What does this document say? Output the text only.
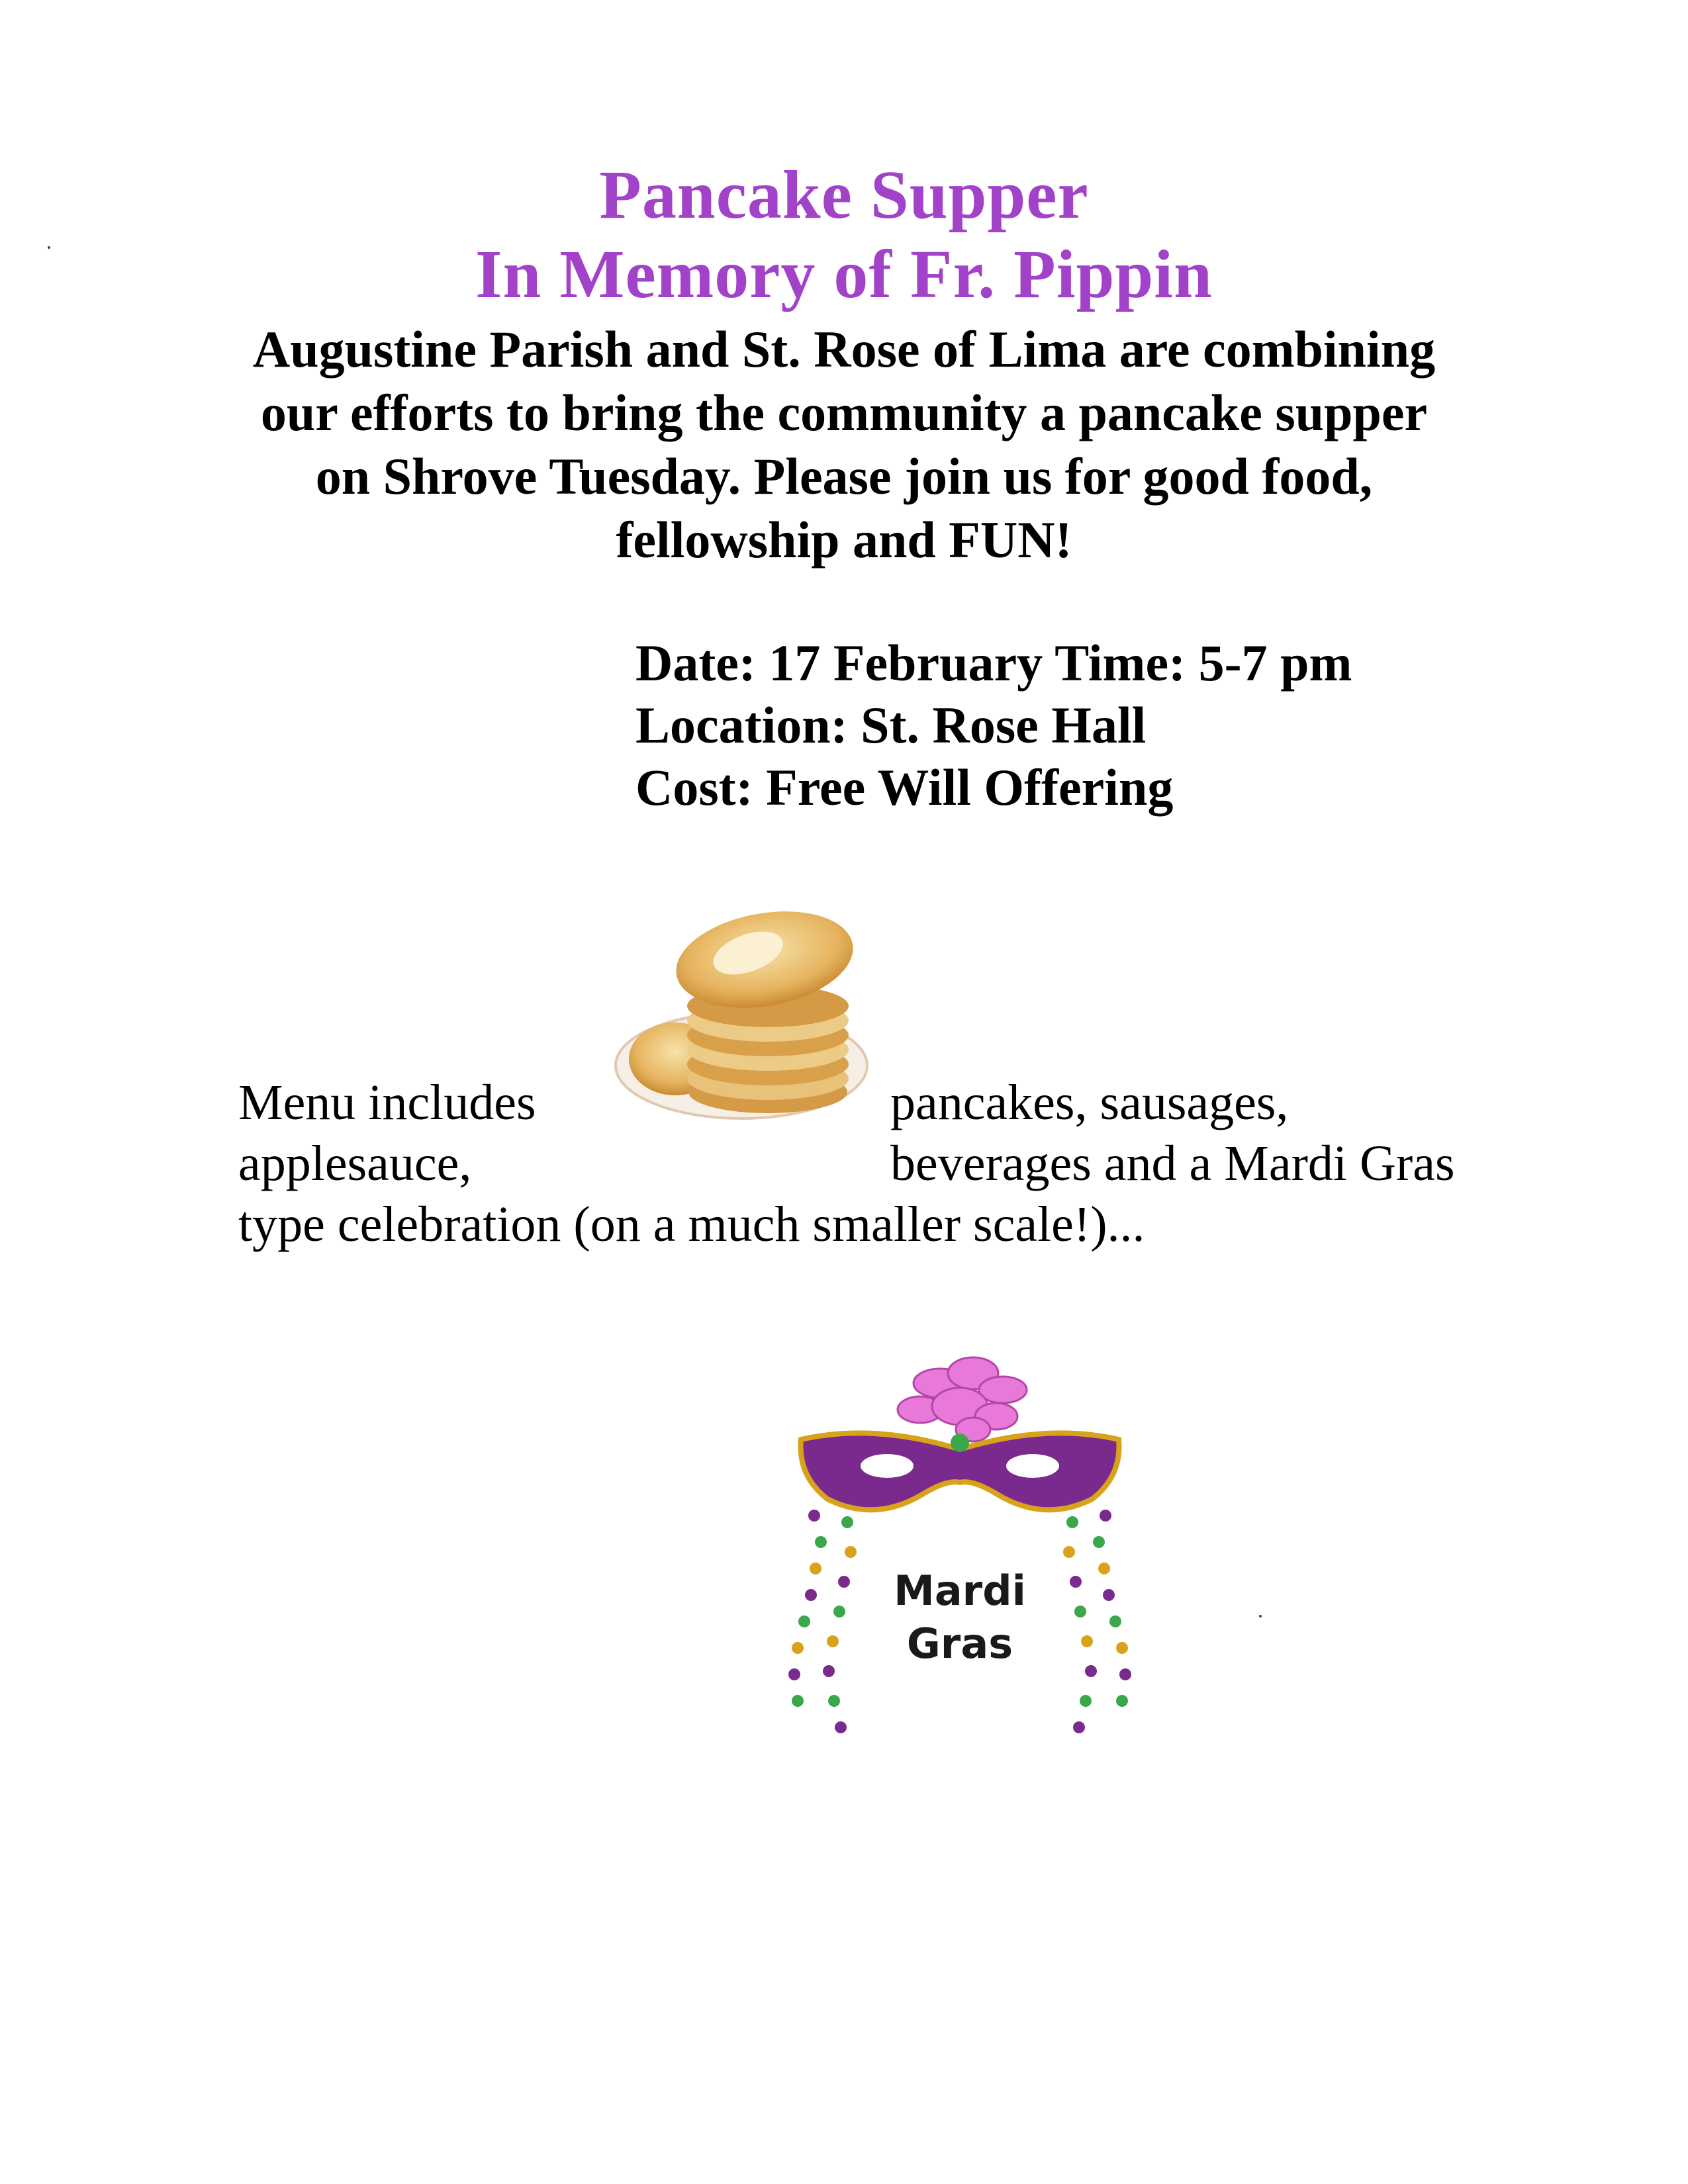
Pancake Supper
In Memory of Fr. Pippin
Augustine Parish and St. Rose of Lima are combining
our efforts to bring the community a pancake supper
on Shrove Tuesday. Please join us for good food,
fellowship and FUN!
Date: 17 February Time: 5-7 pm
Location: St. Rose Hall
Cost: Free Will Offering
Menu includes	pancakes, sausages,
applesauce,	beverages and a Mardi Gras
type celebration (on a much smaller scale!)...
Mardi
Gras
